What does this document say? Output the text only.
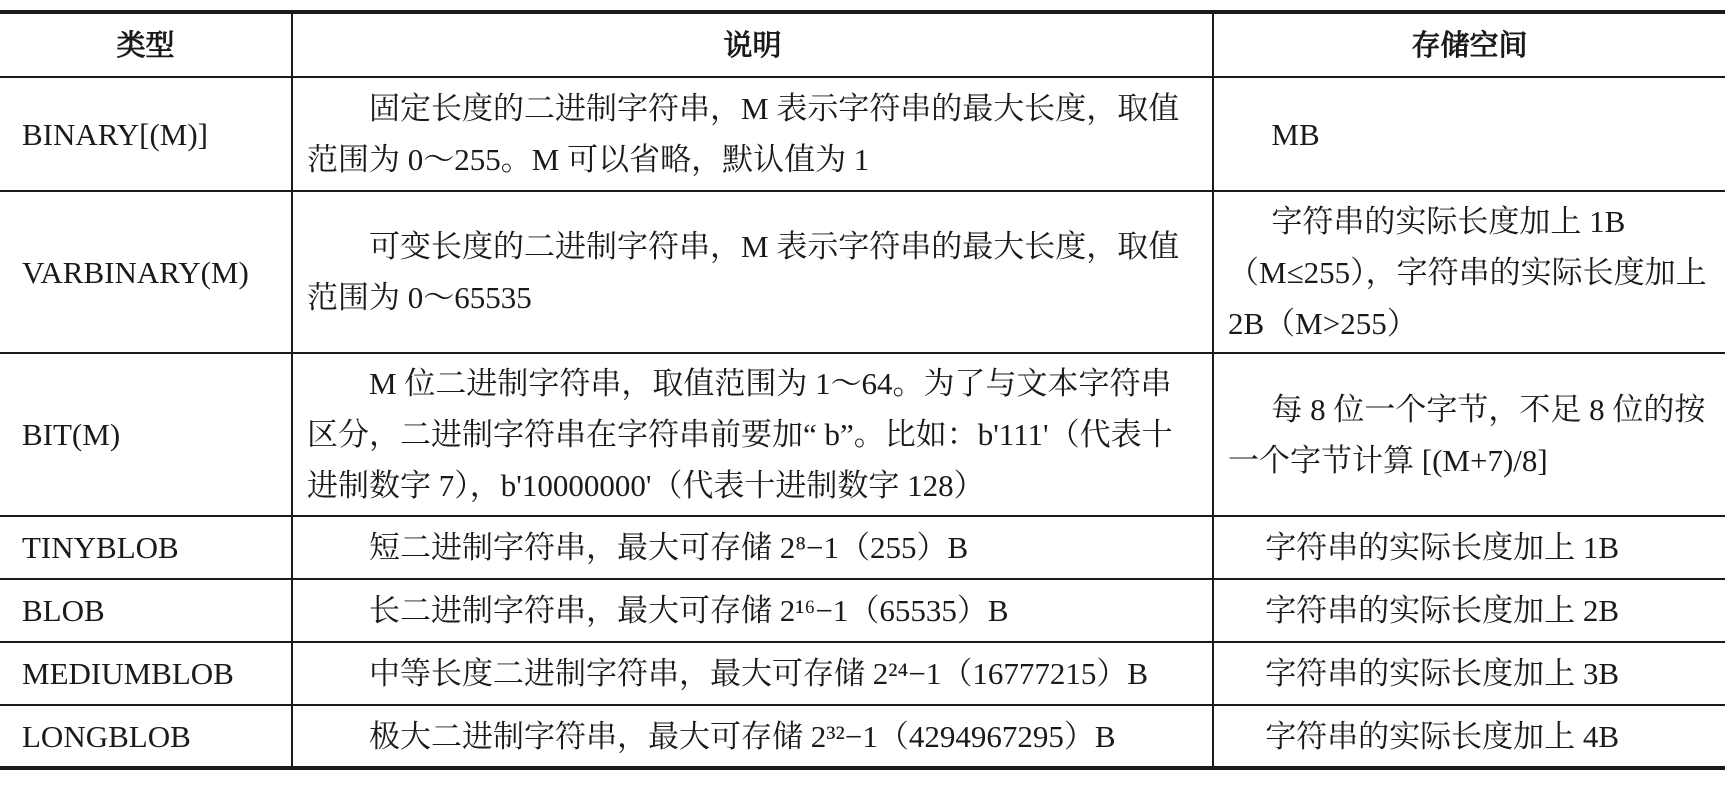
类型	说明	存储空间
BINARY[(M)]	固定长度的二进制字符串，M 表示字符串的最大长度，取值范围为 0～255。M 可以省略，默认值为 1	MB

VARBINARY(M)	可变长度的二进制字符串，M 表示字符串的最大长度，取值范围为 0～65535	字符串的实际长度加上 1B（M≤255），字符串的实际长度加上 2B（M>255）

BIT(M)	M 位二进制字符串，取值范围为 1～64。为了与文本字符串区分，二进制字符串在字符串前要加“ b”。比如：b'111'（代表十进制数字 7），b'10000000'（代表十进制数字 128）	每 8 位一个字节，不足 8 位的按一个字节计算 [(M+7)/8]

TINYBLOB	短二进制字符串，最大可存储 2⁸−1（255）B	字符串的实际长度加上 1B

BLOB	长二进制字符串，最大可存储 2¹⁶−1（65535）B	字符串的实际长度加上 2B

MEDIUMBLOB	中等长度二进制字符串，最大可存储 2²⁴−1（16777215）B	字符串的实际长度加上 3B

LONGBLOB	极大二进制字符串，最大可存储 2³²−1（4294967295）B	字符串的实际长度加上 4B
